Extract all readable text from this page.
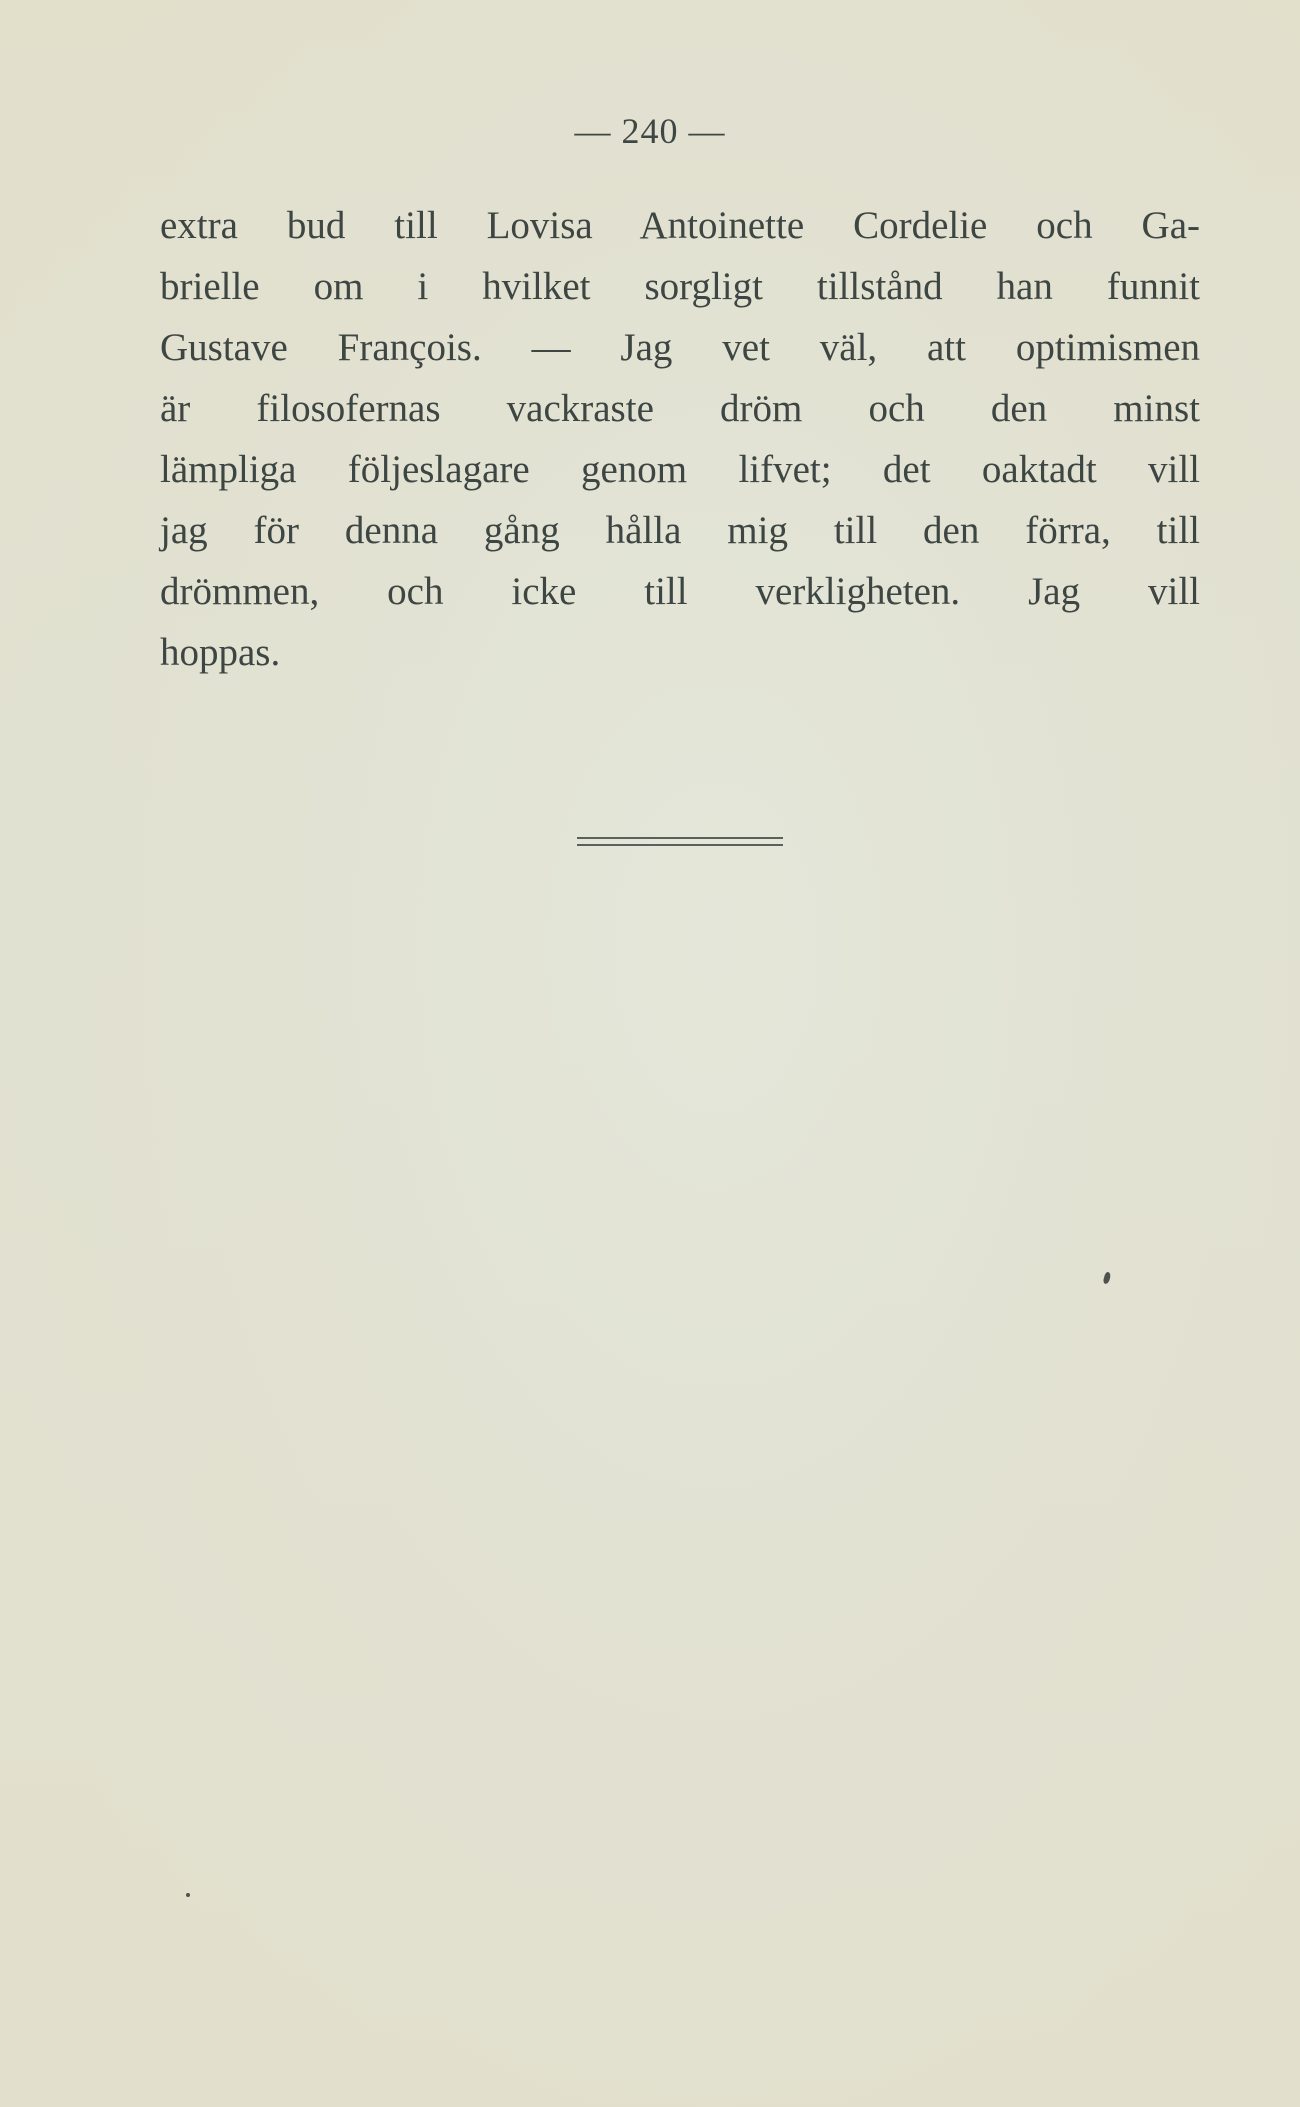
— 240 —
extra bud till Lovisa Antoinette Cordelie och Ga-
brielle om i hvilket sorgligt tillstånd han funnit
Gustave François. — Jag vet väl, att optimismen
är filosofernas vackraste dröm och den minst
lämpliga följeslagare genom lifvet; det oaktadt vill
jag för denna gång hålla mig till den förra, till
drömmen, och icke till verkligheten. Jag vill
hoppas.
